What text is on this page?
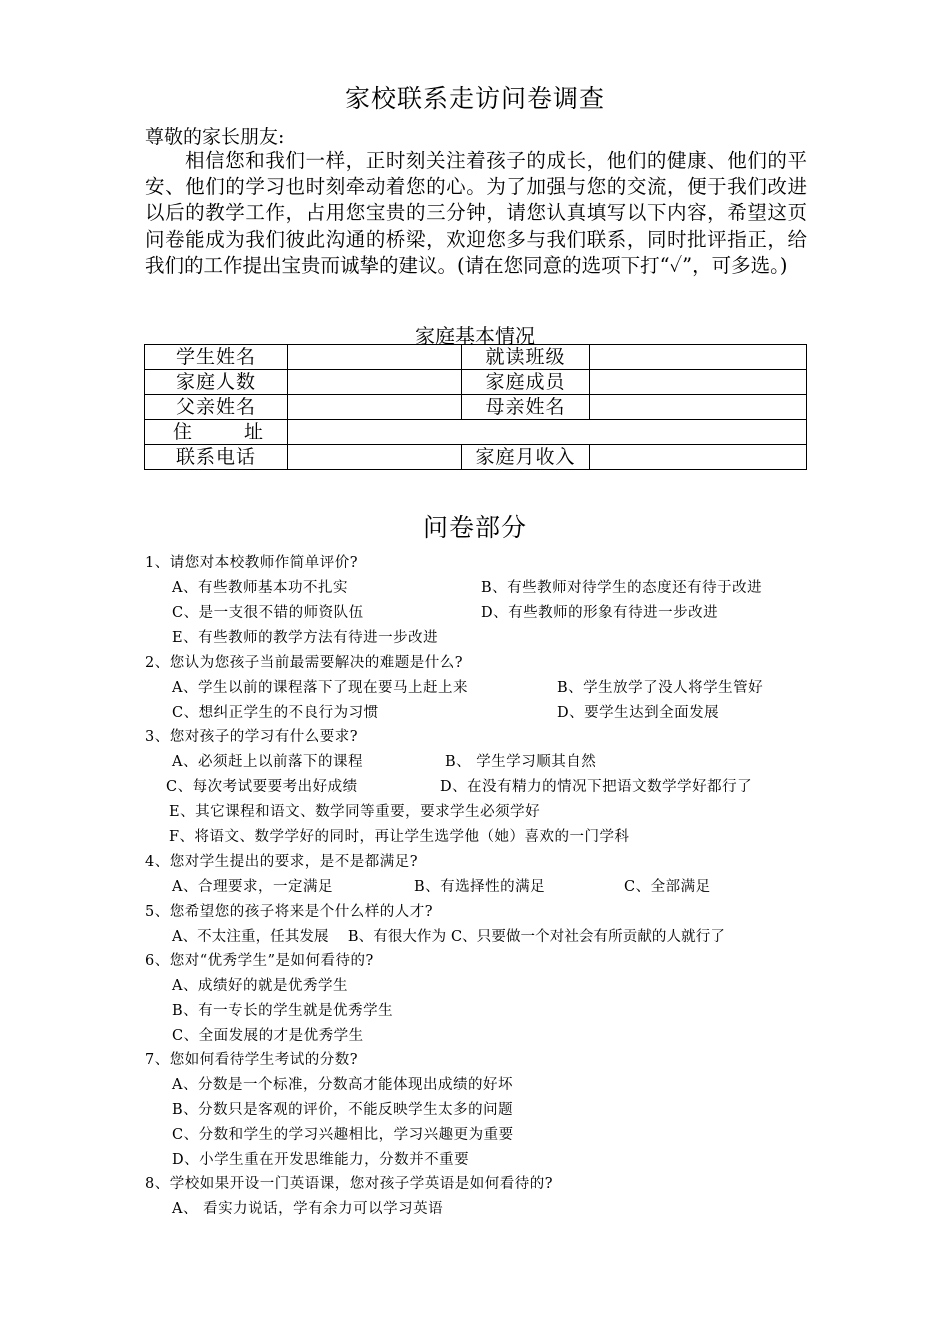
家校联系走访问卷调查
尊敬的家长朋友:
相信您和我们一样，正时刻关注着孩子的成长，他们的健康、他们的平安、他们的学习也时刻牵动着您的心。为了加强与您的交流，便于我们改进以后的教学工作，占用您宝贵的三分钟，请您认真填写以下内容，希望这页问卷能成为我们彼此沟通的桥梁，欢迎您多与我们联系，同时批评指正，给我们的工作提出宝贵而诚挚的建议。(请在您同意的选项下打“✓”，可多选。)
家庭基本情况
学生姓名		就读班级	
家庭人数		家庭成员	
父亲姓名		母亲姓名	
住 址			
联系电话		家庭月收入	
问卷部分
1、请您对本校教师作简单评价?
A、有些教师基本功不扎实	B、有些教师对待学生的态度还有待于改进
C、是一支很不错的师资队伍	D、有些教师的形象有待进一步改进
E、有些教师的教学方法有待进一步改进
2、您认为您孩子当前最需要解决的难题是什么?
A、学生以前的课程落下了现在要马上赶上来	B、学生放学了没人将学生管好
C、想纠正学生的不良行为习惯	D、要学生达到全面发展
3、您对孩子的学习有什么要求?
A、必须赶上以前落下的课程	B、 学生学习顺其自然
C、每次考试要要考出好成绩	D、在没有精力的情况下把语文数学学好都行了
E、其它课程和语文、数学同等重要，要求学生必须学好
F、将语文、数学学好的同时，再让学生选学他（她）喜欢的一门学科
4、您对学生提出的要求，是不是都满足?
A、合理要求，一定满足	B、有选择性的满足	C、全部满足
5、您希望您的孩子将来是个什么样的人才?
A、不太注重，任其发展　 B、有很大作为 C、只要做一个对社会有所贡献的人就行了
6、您对“优秀学生”是如何看待的?
A、成绩好的就是优秀学生
B、有一专长的学生就是优秀学生
C、全面发展的才是优秀学生
7、您如何看待学生考试的分数?
A、分数是一个标准，分数高才能体现出成绩的好坏
B、分数只是客观的评价，不能反映学生太多的问题
C、分数和学生的学习兴趣相比，学习兴趣更为重要
D、小学生重在开发思维能力，分数并不重要
8、学校如果开设一门英语课，您对孩子学英语是如何看待的?
A、 看实力说话，学有余力可以学习英语
